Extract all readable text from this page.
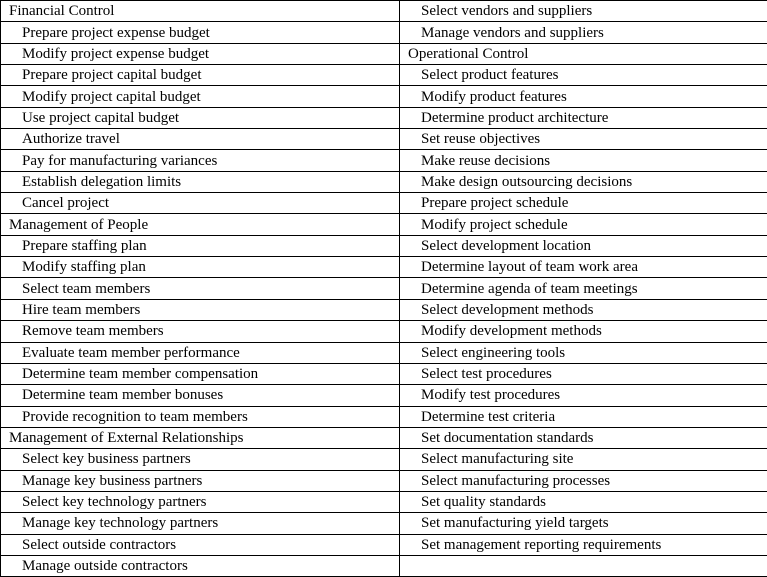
Financial Control	Select vendors and suppliers
Prepare project expense budget	Manage vendors and suppliers
Modify project expense budget	Operational Control
Prepare project capital budget	Select product features
Modify project capital budget	Modify product features
Use project capital budget	Determine product architecture
Authorize travel	Set reuse objectives
Pay for manufacturing variances	Make reuse decisions
Establish delegation limits	Make design outsourcing decisions
Cancel project	Prepare project schedule
Management of People	Modify project schedule
Prepare staffing plan	Select development location
Modify staffing plan	Determine layout of team work area
Select team members	Determine agenda of team meetings
Hire team members	Select development methods
Remove team members	Modify development methods
Evaluate team member performance	Select engineering tools
Determine team member compensation	Select test procedures
Determine team member bonuses	Modify test procedures
Provide recognition to team members	Determine test criteria
Management of External Relationships	Set documentation standards
Select key business partners	Select manufacturing site
Manage key business partners	Select manufacturing processes
Select key technology partners	Set quality standards
Manage key technology partners	Set manufacturing yield targets
Select outside contractors	Set management reporting requirements
Manage outside contractors	
